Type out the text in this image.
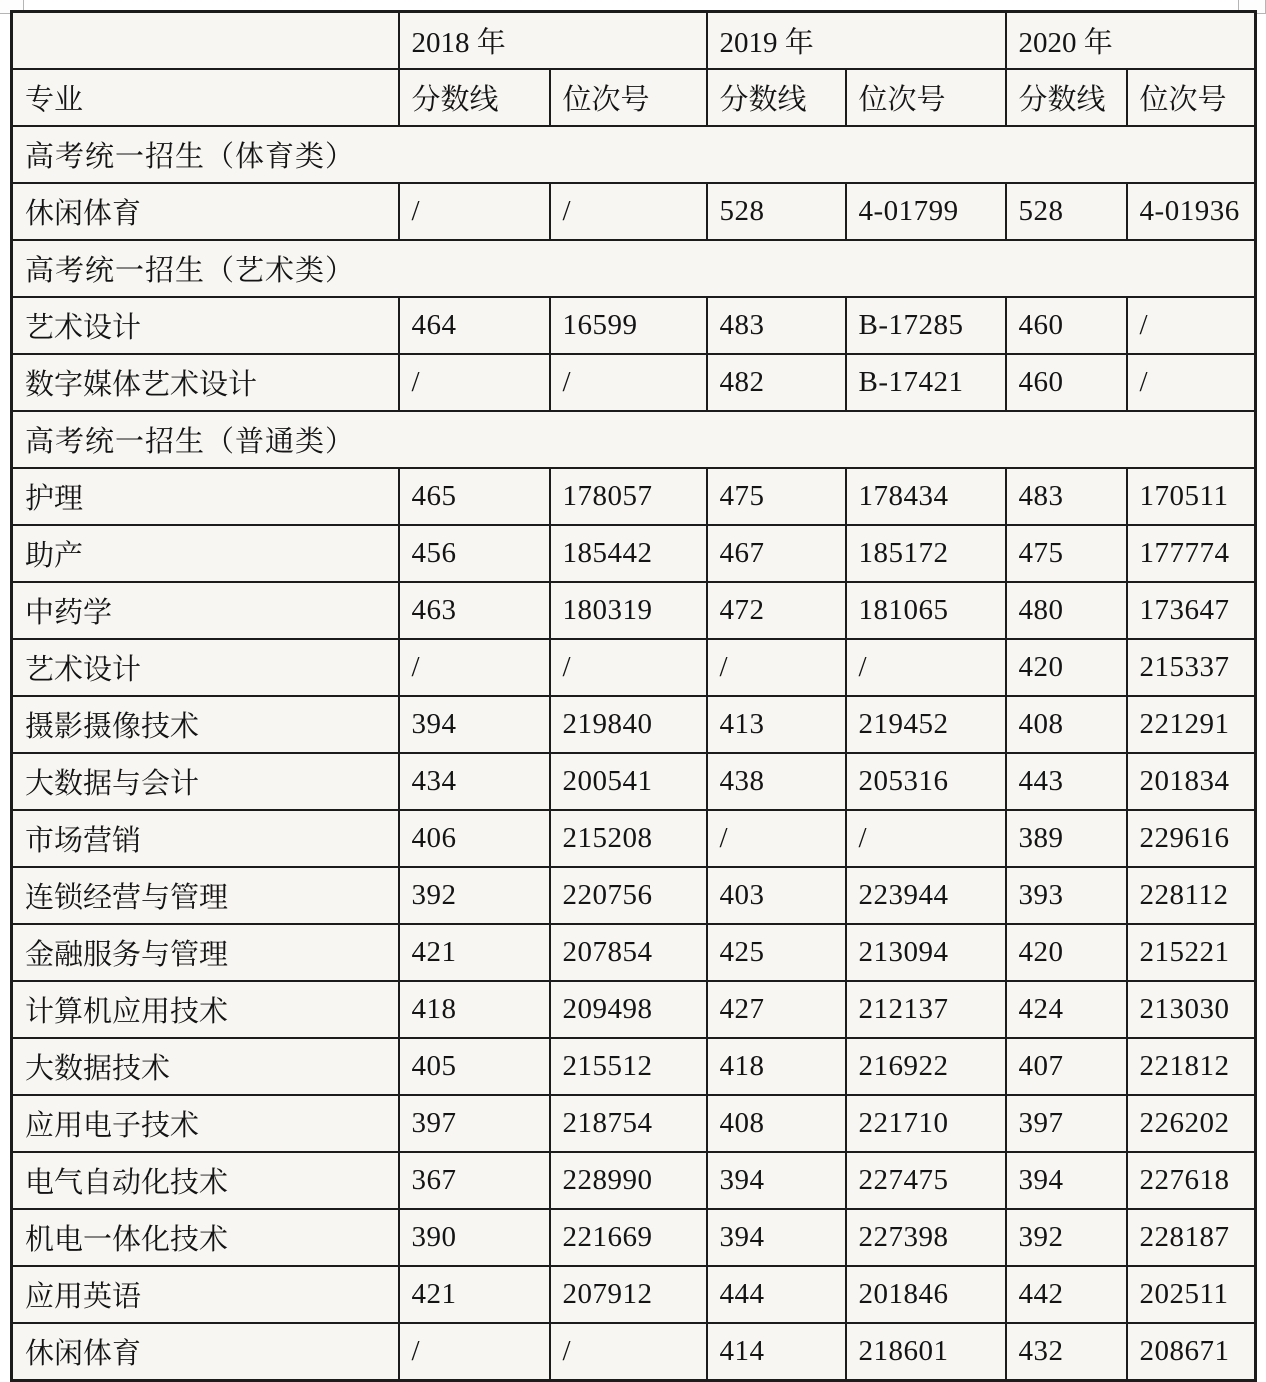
	2018 年		2019 年		2020 年	
专业	分数线	位次号	分数线	位次号	分数线	位次号
高考统一招生（体育类）						
休闲体育	/	/	528	4-01799	528	4-01936
高考统一招生（艺术类）						
艺术设计	464	16599	483	B-17285	460	/
数字媒体艺术设计	/	/	482	B-17421	460	/
高考统一招生（普通类）						
护理	465	178057	475	178434	483	170511
助产	456	185442	467	185172	475	177774
中药学	463	180319	472	181065	480	173647
艺术设计	/	/	/	/	420	215337
摄影摄像技术	394	219840	413	219452	408	221291
大数据与会计	434	200541	438	205316	443	201834
市场营销	406	215208	/	/	389	229616
连锁经营与管理	392	220756	403	223944	393	228112
金融服务与管理	421	207854	425	213094	420	215221
计算机应用技术	418	209498	427	212137	424	213030
大数据技术	405	215512	418	216922	407	221812
应用电子技术	397	218754	408	221710	397	226202
电气自动化技术	367	228990	394	227475	394	227618
机电一体化技术	390	221669	394	227398	392	228187
应用英语	421	207912	444	201846	442	202511
休闲体育	/	/	414	218601	432	208671
